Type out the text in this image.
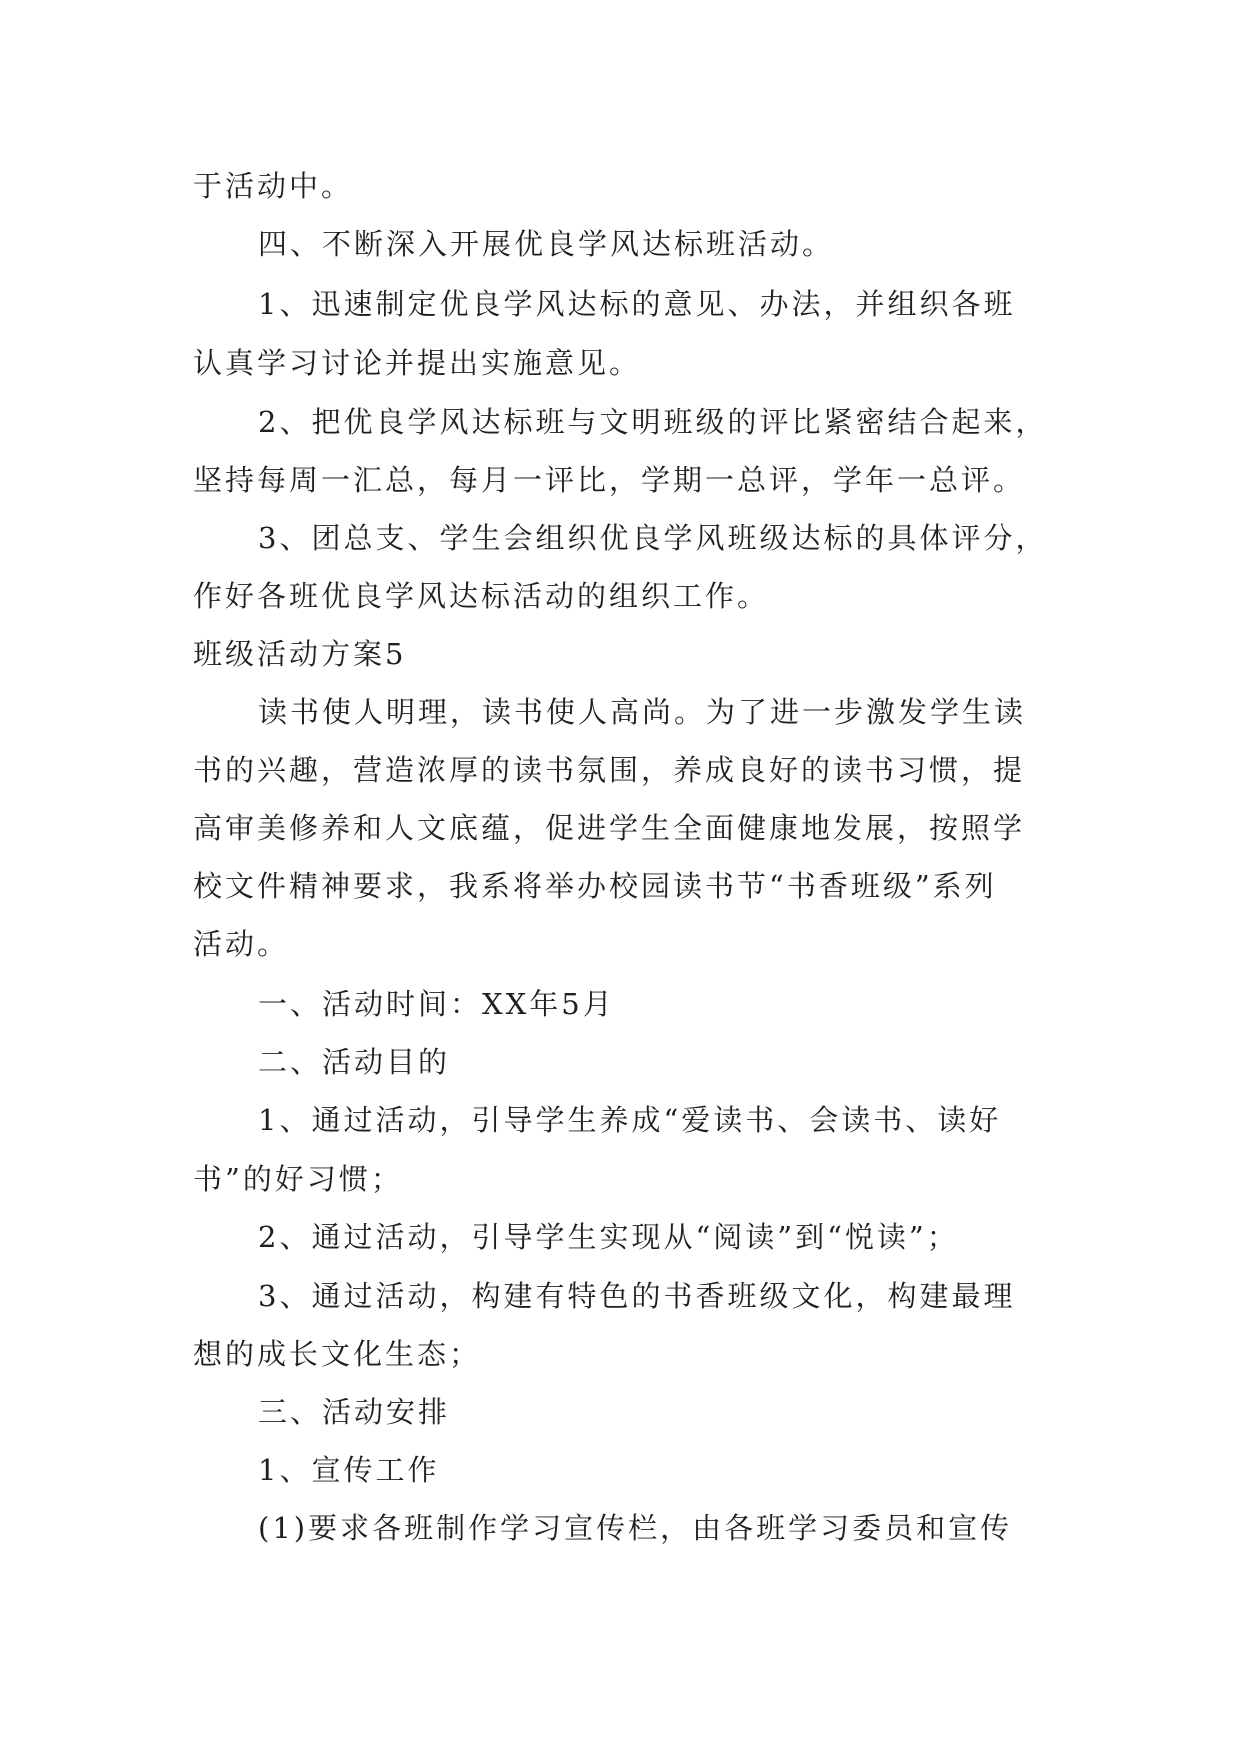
于活动中。
四、不断深入开展优良学风达标班活动。
1、迅速制定优良学风达标的意见、办法，并组织各班
认真学习讨论并提出实施意见。
2、把优良学风达标班与文明班级的评比紧密结合起来，
坚持每周一汇总，每月一评比，学期一总评，学年一总评。
3、团总支、学生会组织优良学风班级达标的具体评分，
作好各班优良学风达标活动的组织工作。
班级活动方案5
读书使人明理，读书使人高尚。为了进一步激发学生读
书的兴趣，营造浓厚的读书氛围，养成良好的读书习惯，提
高审美修养和人文底蕴，促进学生全面健康地发展，按照学
校文件精神要求，我系将举办校园读书节“书香班级”系列
活动。
一、活动时间：XX年5月
二、活动目的
1、通过活动，引导学生养成“爱读书、会读书、读好
书”的好习惯；
2、通过活动，引导学生实现从“阅读”到“悦读”；
3、通过活动，构建有特色的书香班级文化，构建最理
想的成长文化生态；
三、活动安排
1、宣传工作
(1)要求各班制作学习宣传栏，由各班学习委员和宣传
